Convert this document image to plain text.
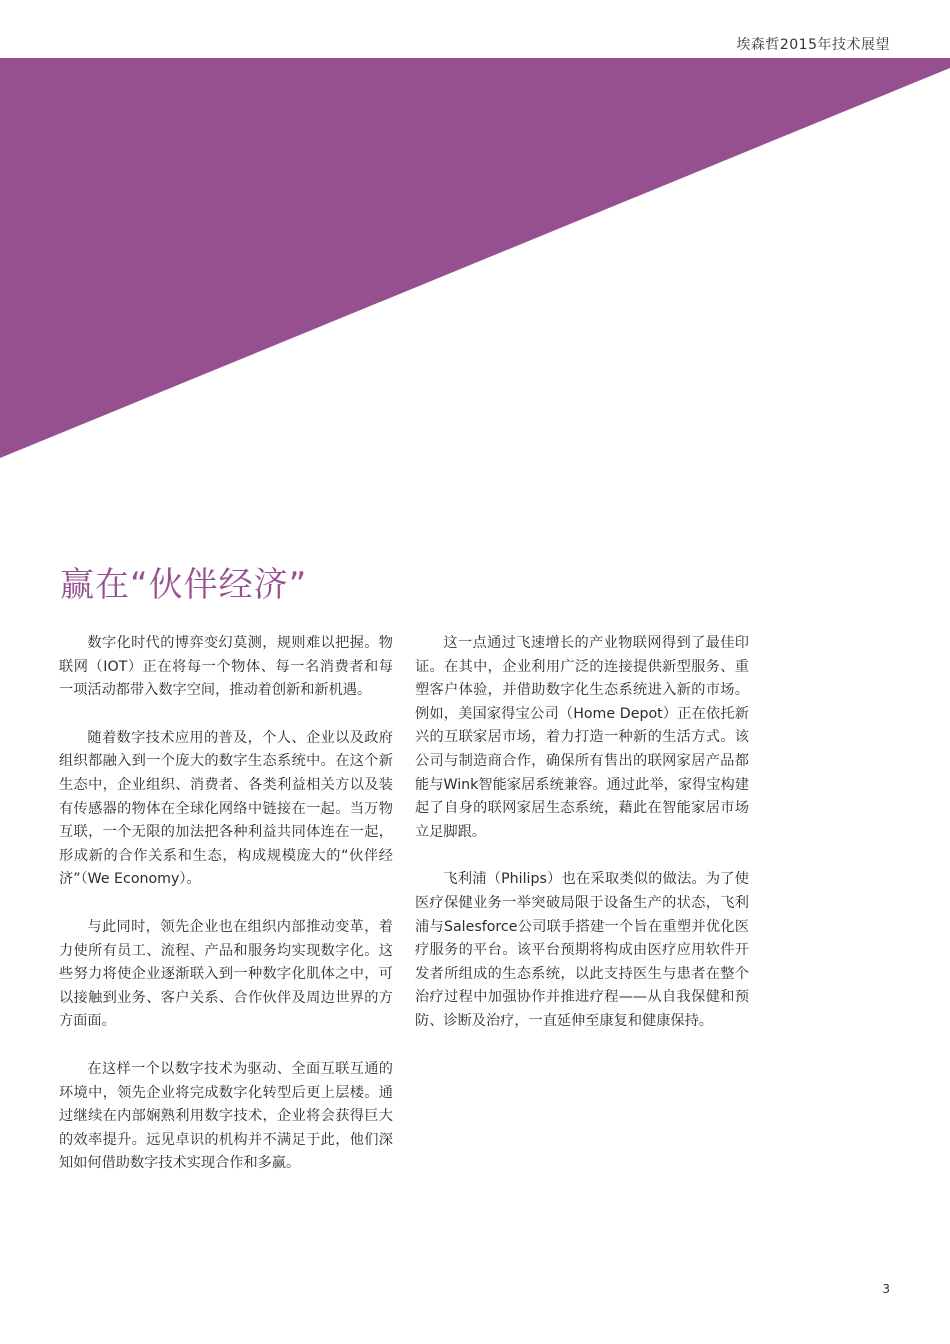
埃森哲2015年技术展望
赢在“伙伴经济”

数字化时代的博弈变幻莫测，规则难以把握。物联网（IOT）正在将每一个物体、每一名消费者和每一项活动都带入数字空间，推动着创新和新机遇。

随着数字技术应用的普及，个人、企业以及政府组织都融入到一个庞大的数字生态系统中。在这个新生态中，企业组织、消费者、各类利益相关方以及装有传感器的物体在全球化网络中链接在一起。当万物互联，一个无限的加法把各种利益共同体连在一起，形成新的合作关系和生态，构成规模庞大的“伙伴经济”（We Economy）。

与此同时，领先企业也在组织内部推动变革，着力使所有员工、流程、产品和服务均实现数字化。这些努力将使企业逐渐联入到一种数字化肌体之中，可以接触到业务、客户关系、合作伙伴及周边世界的方方面面。

在这样一个以数字技术为驱动、全面互联互通的环境中，领先企业将完成数字化转型后更上层楼。通过继续在内部娴熟利用数字技术，企业将会获得巨大的效率提升。远见卓识的机构并不满足于此，他们深知如何借助数字技术实现合作和多赢。

这一点通过飞速增长的产业物联网得到了最佳印证。在其中，企业利用广泛的连接提供新型服务、重塑客户体验，并借助数字化生态系统进入新的市场。例如，美国家得宝公司（Home Depot）正在依托新兴的互联家居市场，着力打造一种新的生活方式。该公司与制造商合作，确保所有售出的联网家居产品都能与Wink智能家居系统兼容。通过此举，家得宝构建起了自身的联网家居生态系统，藉此在智能家居市场立足脚跟。

飞利浦（Philips）也在采取类似的做法。为了使医疗保健业务一举突破局限于设备生产的状态，飞利浦与Salesforce公司联手搭建一个旨在重塑并优化医疗服务的平台。该平台预期将构成由医疗应用软件开发者所组成的生态系统，以此支持医生与患者在整个治疗过程中加强协作并推进疗程——从自我保健和预防、诊断及治疗，一直延伸至康复和健康保持。

3
